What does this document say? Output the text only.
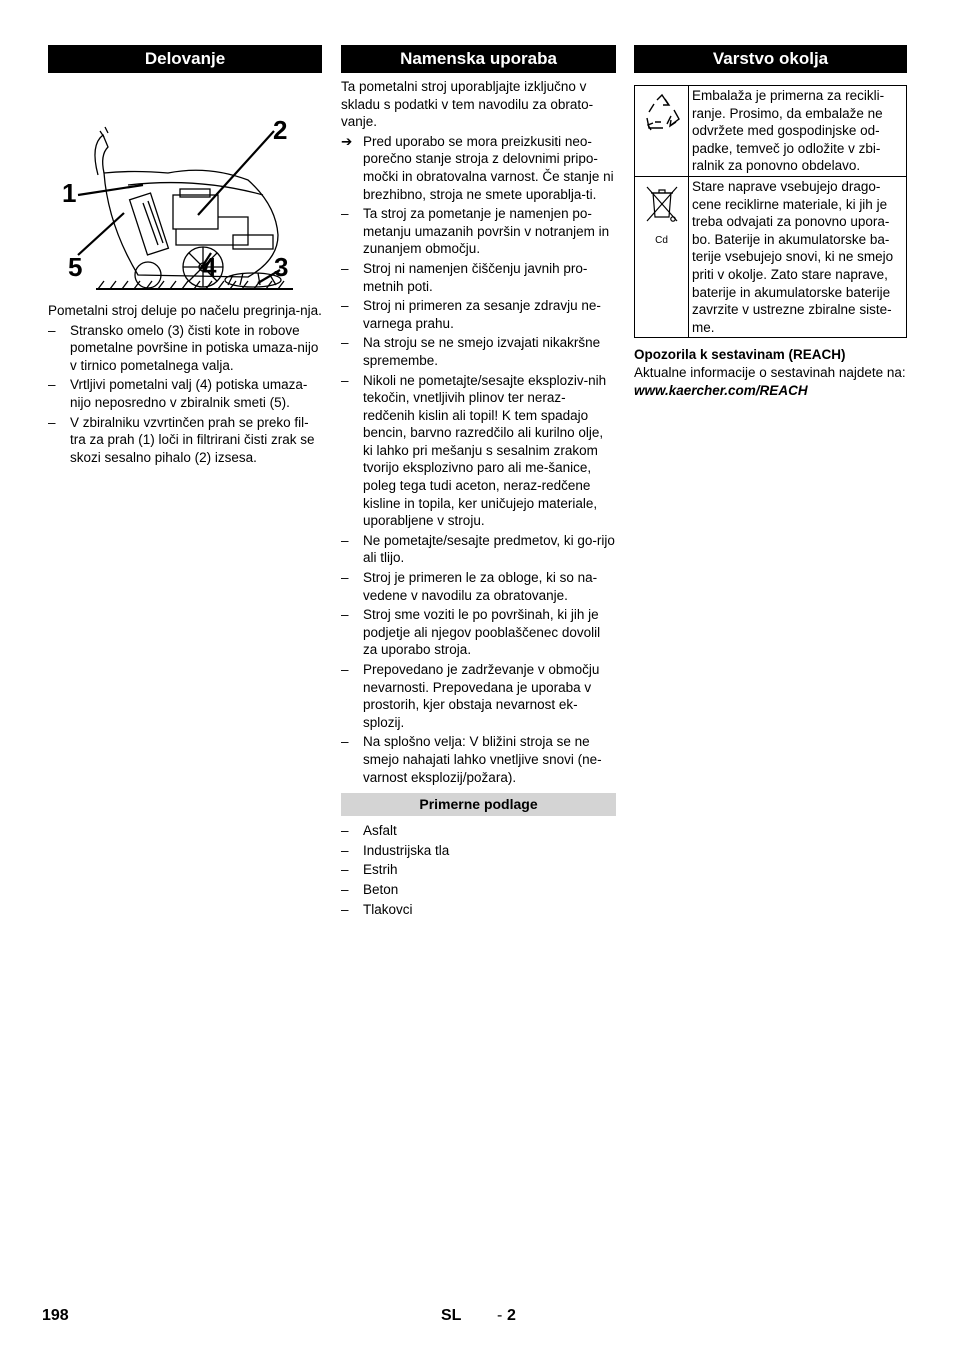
Delovanje
1
2
3
4
5

Pometalni stroj deluje po načelu pregrinja-nja.

– Stransko omelo (3) čisti kote in robove pometalne površine in potiska umaza-nijo v tirnico pometalnega valja.
– Vrtljivi pometalni valj (4) potiska umaza-nijo neposredno v zbiralnik smeti (5).
– V zbiralniku vzvrtinčen prah se preko fil-tra za prah (1) loči in filtrirani čisti zrak se skozi sesalno pihalo (2) izsesa.
Namenska uporaba

Ta pometalni stroj uporabljajte izključno v skladu s podatki v tem navodilu za obrato-vanje.

➔ Pred uporabo se mora preizkusiti neo-porečno stanje stroja z delovnimi pripo-močki in obratovalna varnost. Če stanje ni brezhibno, stroja ne smete uporablja-ti.
– Ta stroj za pometanje je namenjen po-metanju umazanih površin v notranjem in zunanjem območju.
– Stroj ni namenjen čiščenju javnih pro-metnih poti.
– Stroj ni primeren za sesanje zdravju ne-varnega prahu.
– Na stroju se ne smejo izvajati nikakršne spremembe.
– Nikoli ne pometajte/sesajte eksploziv-nih tekočin, vnetljivih plinov ter neraz-redčenih kislin ali topil! K tem spadajo bencin, barvno razredčilo ali kurilno olje, ki lahko pri mešanju s sesalnim zrakom tvorijo eksplozivno paro ali me-šanice, poleg tega tudi aceton, neraz-redčene kisline in topila, ker uničujejo materiale, uporabljene v stroju.
– Ne pometajte/sesajte predmetov, ki go-rijo ali tlijo.
– Stroj je primeren le za obloge, ki so na-vedene v navodilu za obratovanje.
– Stroj sme voziti le po površinah, ki jih je podjetje ali njegov pooblaščenec dovolil za uporabo stroja.
– Prepovedano je zadrževanje v območju nevarnosti. Prepovedana je uporaba v prostorih, kjer obstaja nevarnost ek-splozij.
– Na splošno velja: V bližini stroja se ne smejo nahajati lahko vnetljive snovi (ne-varnost eksplozij/požara).
Primerne podlage
– Asfalt
– Industrijska tla
– Estrih
– Beton
– Tlakovci
Varstvo okolja
	Embalaža je primerna za recikli-ranje. Prosimo, da embalaže ne odvržete med gospodinjske od-padke, temveč jo odložite v zbi-ralnik za ponovno obdelavo.

Cd	Stare naprave vsebujejo drago-cene reciklirne materiale, ki jih je treba odvajati za ponovno upora-bo. Baterije in akumulatorske ba-terije vsebujejo snovi, ki ne smejo priti v okolje. Zato stare naprave, baterije in akumulatorske baterije zavrzite v ustrezne zbiralne siste-me.
Opozorila k sestavinam (REACH)
Aktualne informacije o sestavinah najdete na:
www.kaercher.com/REACH
198	SL - 2
